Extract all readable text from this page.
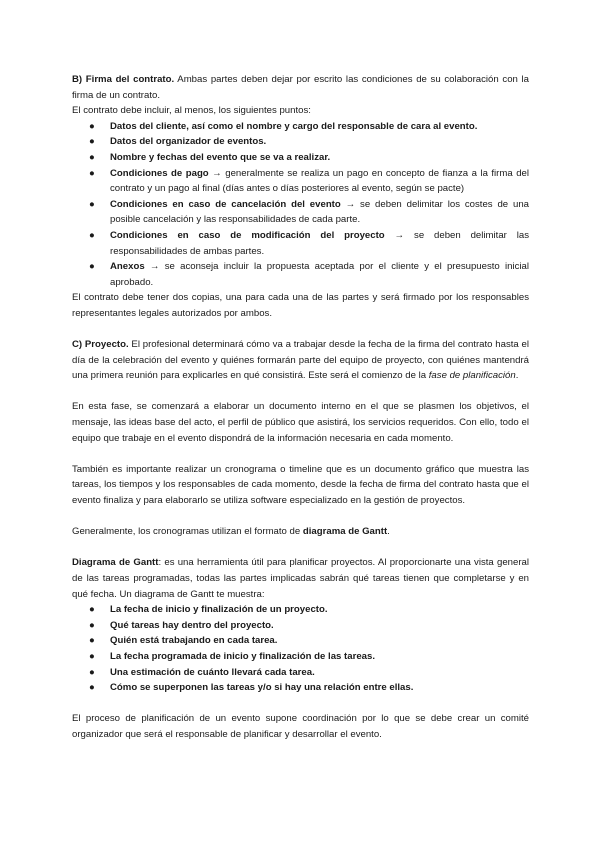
B) Firma del contrato. Ambas partes deben dejar por escrito las condiciones de su colaboración con la firma de un contrato.

El contrato debe incluir, al menos, los siguientes puntos:

● Datos del cliente, así como el nombre y cargo del responsable de cara al evento.
● Datos del organizador de eventos.
● Nombre y fechas del evento que se va a realizar.
● Condiciones de pago → generalmente se realiza un pago en concepto de fianza a la firma del contrato y un pago al final (días antes o días posteriores al evento, según se pacte)
● Condiciones en caso de cancelación del evento → se deben delimitar los costes de una posible cancelación y las responsabilidades de cada parte.
● Condiciones en caso de modificación del proyecto → se deben delimitar las responsabilidades de ambas partes.
● Anexos → se aconseja incluir la propuesta aceptada por el cliente y el presupuesto inicial aprobado.

El contrato debe tener dos copias, una para cada una de las partes y será firmado por los responsables representantes legales autorizados por ambos.

C) Proyecto. El profesional determinará cómo va a trabajar desde la fecha de la firma del contrato hasta el día de la celebración del evento y quiénes formarán parte del equipo de proyecto, con quiénes mantendrá una primera reunión para explicarles en qué consistirá. Este será el comienzo de la fase de planificación.

En esta fase, se comenzará a elaborar un documento interno en el que se plasmen los objetivos, el mensaje, las ideas base del acto, el perfil de público que asistirá, los servicios requeridos. Con ello, todo el equipo que trabaje en el evento dispondrá de la información necesaria en cada momento.

También es importante realizar un cronograma o timeline que es un documento gráfico que muestra las tareas, los tiempos y los responsables de cada momento, desde la fecha de firma del contrato hasta que el evento finaliza y para elaborarlo se utiliza software especializado en la gestión de proyectos.

Generalmente, los cronogramas utilizan el formato de diagrama de Gantt.

Diagrama de Gantt: es una herramienta útil para planificar proyectos. Al proporcionarte una vista general de las tareas programadas, todas las partes implicadas sabrán qué tareas tienen que completarse y en qué fecha. Un diagrama de Gantt te muestra:

● La fecha de inicio y finalización de un proyecto.
● Qué tareas hay dentro del proyecto.
● Quién está trabajando en cada tarea.
● La fecha programada de inicio y finalización de las tareas.
● Una estimación de cuánto llevará cada tarea.
● Cómo se superponen las tareas y/o si hay una relación entre ellas.

El proceso de planificación de un evento supone coordinación por lo que se debe crear un comité organizador que será el responsable de planificar y desarrollar el evento.
